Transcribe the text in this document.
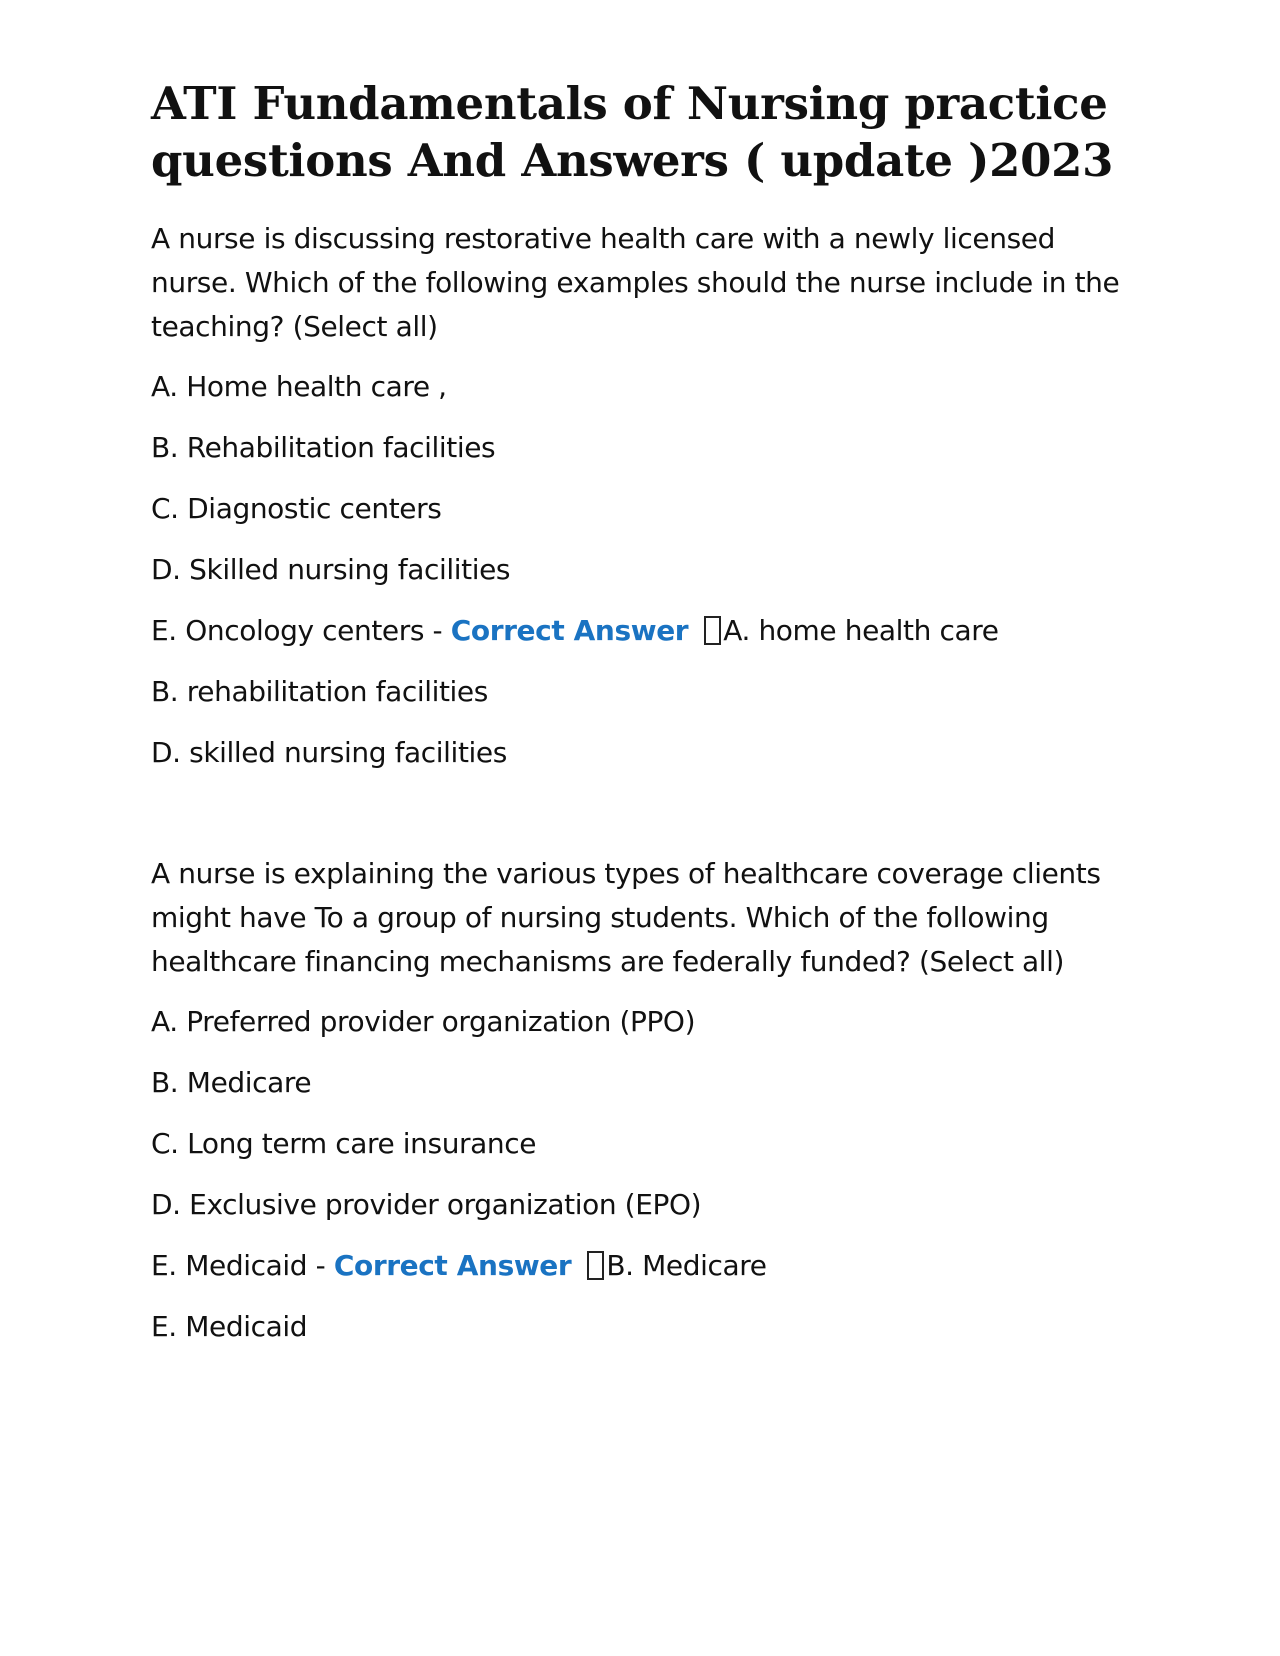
ATI Fundamentals of Nursing practice questions And Answers ( update )2023

A nurse is discussing restorative health care with a newly licensed nurse. Which of the following examples should the nurse include in the teaching? (Select all)

A. Home health care ,
B. Rehabilitation facilities
C. Diagnostic centers
D. Skilled nursing facilities
E. Oncology centers - Correct Answer A. home health care
B. rehabilitation facilities
D. skilled nursing facilities

A nurse is explaining the various types of healthcare coverage clients might have To a group of nursing students. Which of the following healthcare financing mechanisms are federally funded? (Select all)

A. Preferred provider organization (PPO)
B. Medicare
C. Long term care insurance
D. Exclusive provider organization (EPO)
E. Medicaid - Correct Answer B. Medicare
E. Medicaid
